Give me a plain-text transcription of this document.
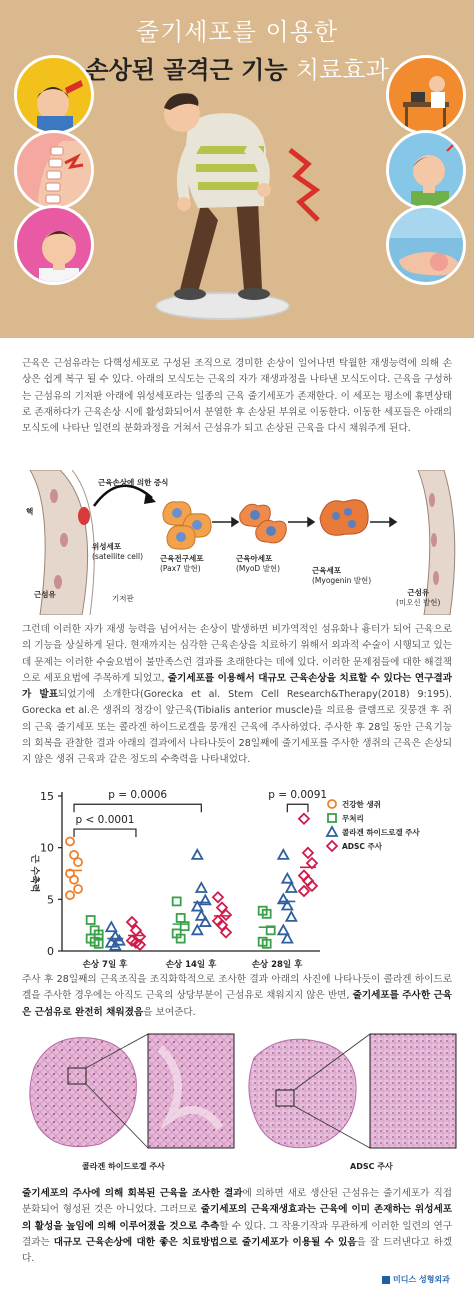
줄기세포를 이용한
손상된 골격근 기능 치료효과
근육은 근섬유라는 다핵성세포로 구성된 조직으로 경미한 손상이 일어나면 탁월한 재생능력에 의해 손상은 쉽게 복구 될 수 있다. 아래의 모식도는 근육의 자가 재생과정을 나타낸 모식도이다. 근육을 구성하는 근섬유의 기저판 아래에 위성세포라는 일종의 근육 줄기세포가 존재한다. 이 세포는 평소에 휴면상태로 존재하다가 근육손상 시에 활성화되어서 분열한 후 손상된 부위로 이동한다. 이동한 세포들은 아래의 모식도에 나타난 일련의 분화과정을 거쳐서 근섬유가 되고 손상된 근육을 다시 채워주게 된다.
핵
위성세포
(satellite cell)
기저판
근섬유
근육손상에 의한 증식
근육전구세포
(Pax7 발현)
근육아세포
(MyoD 발현)	근육세포
(Myogenin 발현)
근섬유
(미오신 발현)
그런데 이러한 자가 재생 능력을 넘어서는 손상이 발생하면 비가역적인 섬유화나 흉터가 되어 근육으로의 기능을 상실하게 된다. 현재까지는 심각한 근육손상을 치료하기 위해서 외과적 수술이 시행되고 있는데 문제는 이러한 수술요법이 불만족스런 결과를 초래한다는 데에 있다. 이러한 문제점들에 대한 해결책으로 세포요법에 주목하게 되었고, 줄기세포를 이용해서 대규모 근육손상을 치료할 수 있다는 연구결과가 발표되었기에 소개한다(Gorecka et al. Stem Cell Research&Therapy(2018) 9:195). Gorecka et al.은 생쥐의 정강이 앞근육(Tibialis anterior muscle)을 의료용 클램프로 짓뭉갠 후 쥐의 근육 줄기세포 또는 콜라겐 하이드로겔을 뭉개진 근육에 주사하였다. 주사한 후 28일 동안 근육기능의 회복을 관찰한 결과 아래의 결과에서 나타나듯이 28일째에 줄기세포를 주사한 생쥐의 근육은 손상되지 않은 생쥐 근육과 같은 정도의 수축력을 나타내었다.
0
5
10
15
근 수축력
손상 7일 후	손상 14일 후	손상 28일 후
p < 0.0001
p = 0.0006	p = 0.0091
건강한 생쥐
무처리
콜라겐 하이드로겔 주사
ADSC 주사
주사 후 28일째의 근육조직을 조직화학적으로 조사한 결과 아래의 사진에 나타나듯이 콜라겐 하이드로겔을 주사한 경우에는 아직도 근육의 상당부분이 근섬유로 채워지지 않은 반면, 줄기세포를 주사한 근육은 근섬유로 완전히 채워졌음을 보여준다.
콜라겐 하이드로겔 주사	ADSC 주사
줄기세포의 주사에 의해 회복된 근육을 조사한 결과에 의하면 새로 생산된 근섬유는 줄기세포가 직접 분화되어 형성된 것은 아니었다. 그러므로 줄기세포의 근육재생효과는 근육에 이미 존재하는 위성세포의 활성을 높임에 의해 이루어졌을 것으로 추측할 수 있다. 그 작용기작과 무관하게 이러한 일련의 연구결과는 대규모 근육손상에 대한 좋은 치료방법으로 줄기세포가 이용될 수 있음을 잘 드러낸다고 하겠다.
미디스 성형외과
